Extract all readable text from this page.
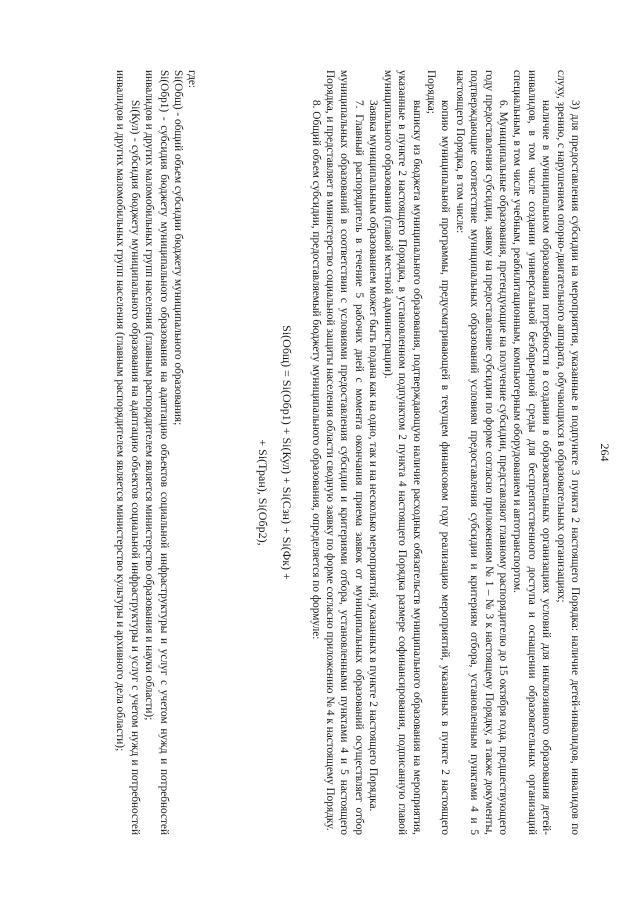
264

3) для предоставления субсидии на мероприятия, указанные в подпункте 3 пункта 2 настоящего Порядка: наличие детей-инвалидов, инвалидов по слуху, зрению, с нарушением опорно-двигательного аппарата, обучающихся в образовательных организациях;

наличие в муниципальном образовании потребности в создании в образовательных организациях условий для инклюзивного образования детей-инвалидов, в том числе создании универсальной безбарьерной среды для беспрепятственного доступа и оснащении образовательных организаций специальным, в том числе учебным, реабилитационным, компьютерным оборудованием и автотранспортом.

6. Муниципальные образования, претендующие на получение субсидии, представляют главному распорядителю до 15 октября года, предшествующего году предоставления субсидии, заявку на предоставление субсидии по форме согласно приложениям № 1 – № 3 к настоящему Порядку, а также документы, подтверждающие соответствие муниципальных образований условиям предоставления субсидии и критериям отбора, установленным пунктами 4 и 5 настоящего Порядка, в том числе:

копию муниципальной программы, предусматривающей в текущем финансовом году реализацию мероприятий, указанных в пункте 2 настоящего Порядка;

выписку из бюджета муниципального образования, подтверждающую наличие расходных обязательств муниципального образования на мероприятия, указанные в пункте 2 настоящего Порядка, в установленном подпунктом 2 пункта 4 настоящего Порядка размере софинансирования, подписанную главой муниципального образования (главой местной администрации).

Заявка муниципальным образованием может быть подана как на одно, так и на несколько мероприятий, указанных в пункте 2 настоящего Порядка.

7. Главный распорядитель в течение 5 рабочих дней с момента окончания приема заявок от муниципальных образований осуществляет отбор муниципальных образований в соответствии с условиями предоставления субсидии и критериями отбора, установленными пунктами 4 и 5 настоящего Порядка, и представляет в министерство социальной защиты населения области сводную заявку по форме согласно приложению № 4 к настоящему Порядку.

8. Общий объем субсидии, предоставляемый бюджету муниципального образования, определяется по формуле:

Si(Общ) = Si(Обр1) + Si(Кул) + Si(Сзн) + Si(Фк) +
+ Si(Тран), Si(Обр2),

где:

Si(Общ) - общий объем субсидии бюджету муниципального образования;

Si(Обр1) - субсидия бюджету муниципального образования на адаптацию объектов социальной инфраструктуры и услуг с учетом нужд и потребностей инвалидов и других маломобильных групп населения (главным распорядителем является министерство образования и науки области);

Si(Кул) - субсидия бюджету муниципального образования на адаптацию объектов социальной инфраструктуры и услуг с учетом нужд и потребностей инвалидов и других маломобильных групп населения (главным распорядителем является министерство культуры и архивного дела области);
